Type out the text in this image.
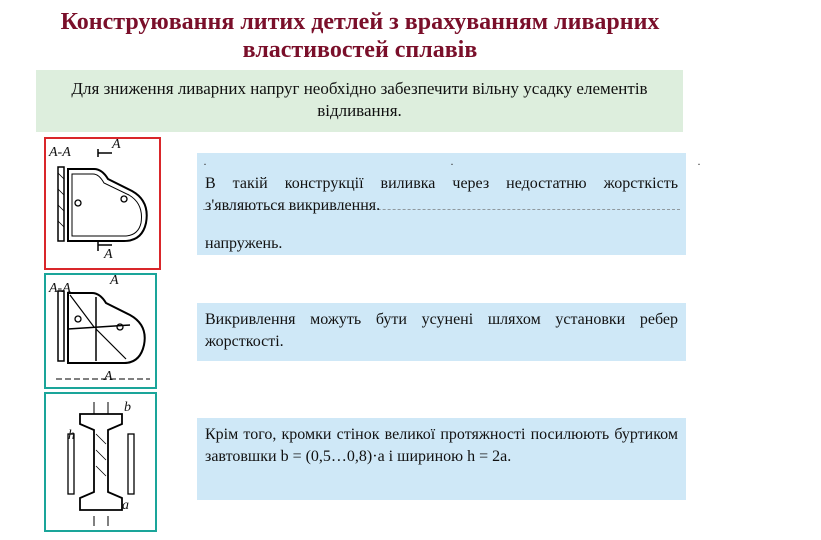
Конструювання литих детлей з врахуванням ливарних властивостей сплавів
Для зниження ливарних напруг необхідно забезпечити вільну усадку елементів відливання.
А-А
А
А
А-А
А
А
b
a
h
· · ·
В такій конструкції виливка через недостатню жорсткість з'являються викривлення.
напружень.
Викривлення можуть бути усунені шляхом установки ребер жорсткості.
Крім того, кромки стінок великої протяжності посилюють буртиком завтовшки b = (0,5…0,8)·a і шириною h = 2a.
